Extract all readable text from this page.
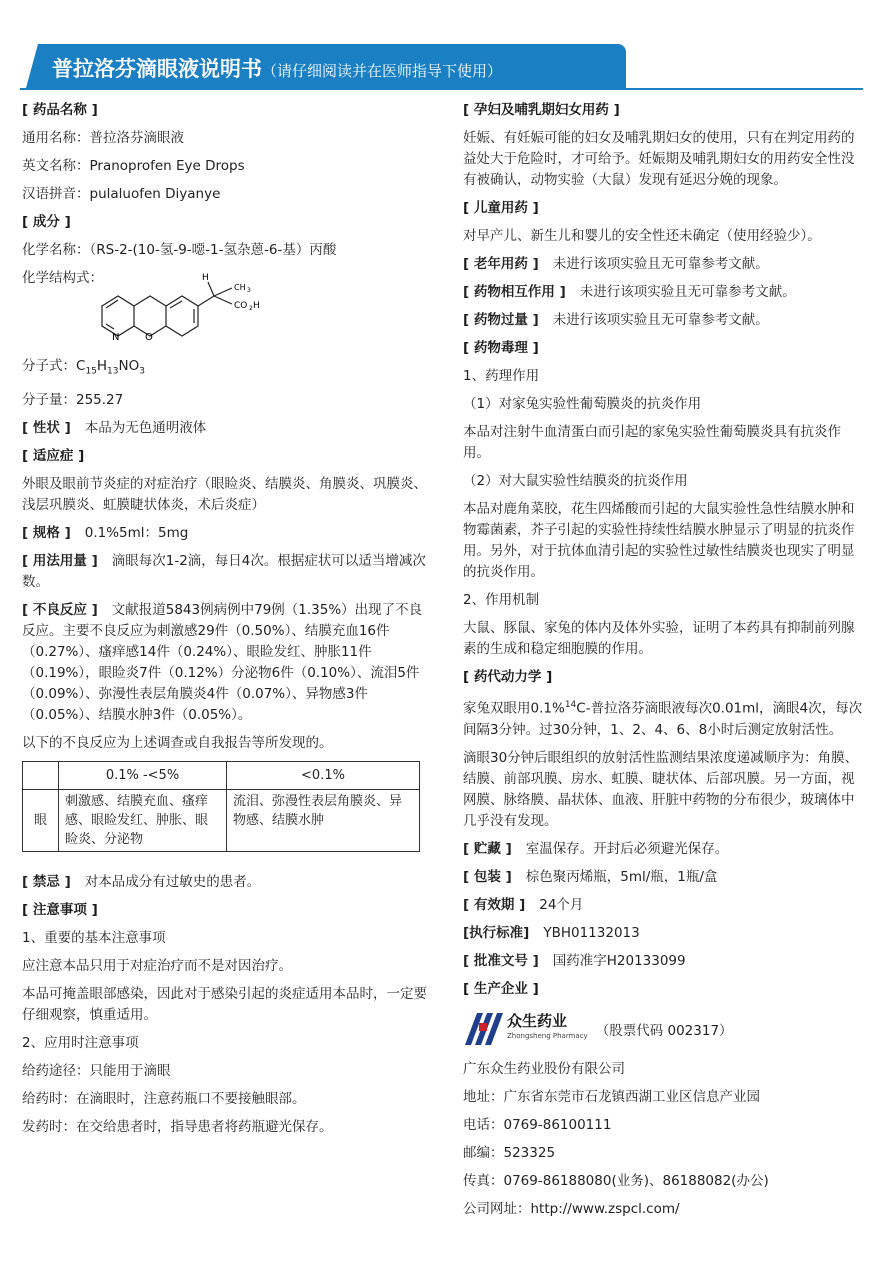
普拉洛芬滴眼液说明书（请仔细阅读并在医师指导下使用）
[ 药品名称 ]
通用名称：普拉洛芬滴眼液
英文名称：Pranoprofen Eye Drops
汉语拼音：pulaluofen Diyanye
[ 成分 ]
化学名称：（RS-2-(10-氢-9-噁-1-氢杂蒽-6-基）丙酸
化学结构式：
N	O
H
CH 3
CO 2 H
分子式：$C_{15}H_{13}NO_3$
分子量：255.27
[ 性状 ] 本品为无色通明液体
[ 适应症 ]
外眼及眼前节炎症的对症治疗（眼睑炎、结膜炎、角膜炎、巩膜炎、浅层巩膜炎、虹膜睫状体炎，术后炎症）
[ 规格 ] 0.1%5ml：5mg
[ 用法用量 ] 滴眼每次1-2滴，每日4次。根据症状可以适当增减次数。
[ 不良反应 ] 文献报道5843例病例中79例（1.35%）出现了不良反应。主要不良反应为刺激感29件（0.50%）、结膜充血16件（0.27%）、瘙痒感14件（0.24%）、眼睑发红、肿胀11件（0.19%），眼睑炎7件（0.12%）分泌物6件（0.10%）、流泪5件（0.09%）、弥漫性表层角膜炎4件（0.07%）、异物感3件（0.05%）、结膜水肿3件（0.05%）。
以下的不良反应为上述调查或自我报告等所发现的。
	0.1% -<5%	<0.1%
眼	刺激感、结膜充血、瘙痒感、眼睑发红、肿胀、眼睑炎、分泌物	流泪、弥漫性表层角膜炎、异物感、结膜水肿
[ 禁忌 ] 对本品成分有过敏史的患者。
[ 注意事项 ]
1、重要的基本注意事项
应注意本品只用于对症治疗而不是对因治疗。
本品可掩盖眼部感染，因此对于感染引起的炎症适用本品时，一定要仔细观察，慎重适用。
2、应用时注意事项
给药途径：只能用于滴眼
给药时：在滴眼时，注意药瓶口不要接触眼部。
发药时：在交给患者时，指导患者将药瓶避光保存。
[ 孕妇及哺乳期妇女用药 ]
妊娠、有妊娠可能的妇女及哺乳期妇女的使用，只有在判定用药的益处大于危险时，才可给予。妊娠期及哺乳期妇女的用药安全性没有被确认，动物实验（大鼠）发现有延迟分娩的现象。
[ 儿童用药 ]
对早产儿、新生儿和婴儿的安全性还未确定（使用经验少）。
[ 老年用药 ] 未进行该项实验且无可靠参考文献。
[ 药物相互作用 ] 未进行该项实验且无可靠参考文献。
[ 药物过量 ] 未进行该项实验且无可靠参考文献。
[ 药物毒理 ]
1、药理作用
（1）对家兔实验性葡萄膜炎的抗炎作用
本品对注射牛血清蛋白而引起的家兔实验性葡萄膜炎具有抗炎作用。
（2）对大鼠实验性结膜炎的抗炎作用
本品对鹿角菜胶，花生四烯酸而引起的大鼠实验性急性结膜水肿和物霉菌素，芥子引起的实验性持续性结膜水肿显示了明显的抗炎作用。另外，对于抗体血清引起的实验性过敏性结膜炎也现实了明显的抗炎作用。
2、作用机制
大鼠、豚鼠、家兔的体内及体外实验，证明了本药具有抑制前列腺素的生成和稳定细胞膜的作用。
[ 药代动力学 ]
家兔双眼用0.1%$^{14}$C-普拉洛芬滴眼液每次0.01ml，滴眼4次，每次间隔3分钟。过30分钟，1、2、4、6、8小时后测定放射活性。
滴眼30分钟后眼组织的放射活性监测结果浓度递减顺序为：角膜、结膜、前部巩膜、房水、虹膜、睫状体、后部巩膜。另一方面，视网膜、脉络膜、晶状体、血液、肝脏中药物的分布很少，玻璃体中几乎没有发现。
[ 贮藏 ] 室温保存。开封后必须避光保存。
[ 包装 ] 棕色聚丙烯瓶，5ml/瓶，1瓶/盒
[ 有效期 ] 24个月
[执行标准] YBH01132013
[ 批准文号 ] 国药准字H20133099
[ 生产企业 ]
众生药业
Zhongsheng Pharmacy （股票代码 002317）
广东众生药业股份有限公司
地址：广东省东莞市石龙镇西湖工业区信息产业园
电话：0769-86100111
邮编：523325
传真：0769-86188080(业务)、86188082(办公)
公司网址：http://www.zspcl.com/
